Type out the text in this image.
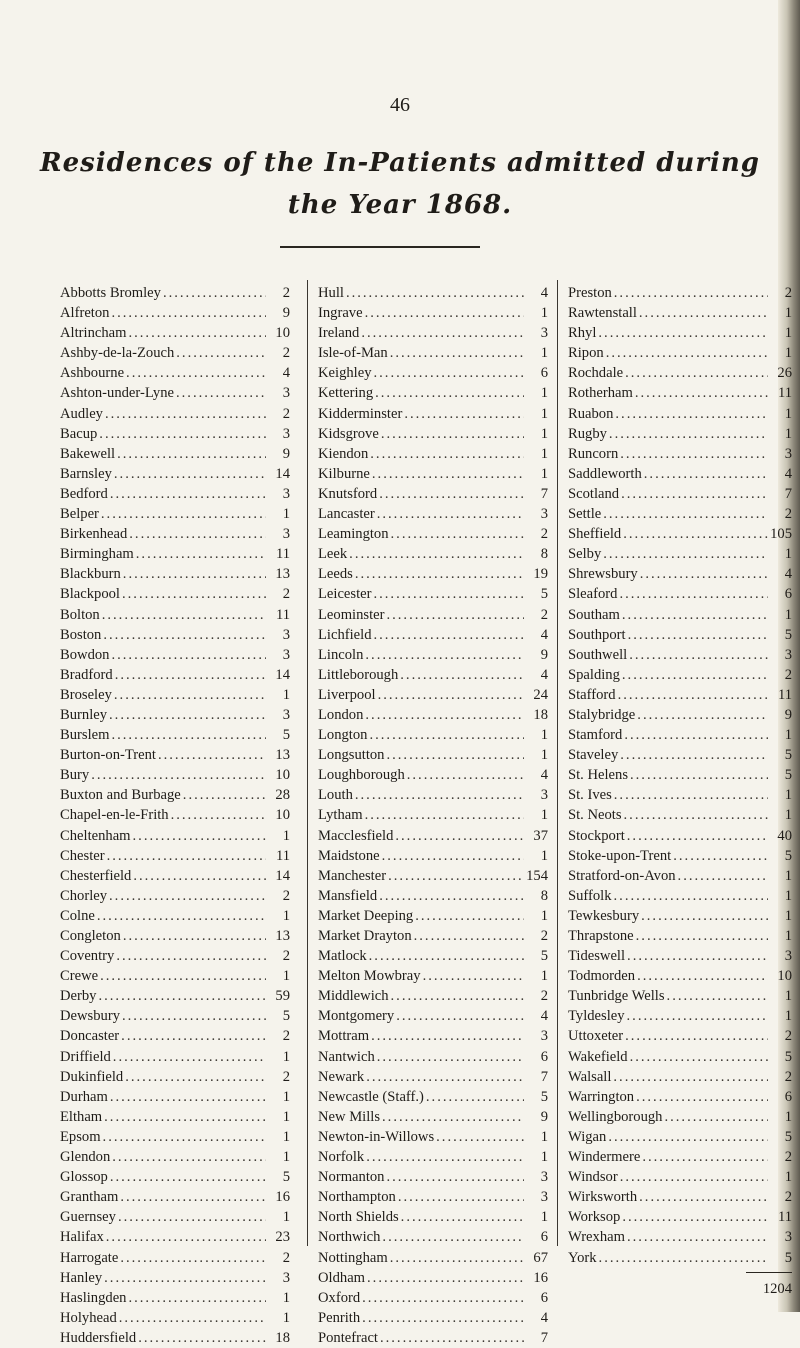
46
Residences of the In-Patients admitted during
the Year 1868.
Abbotts Bromley .....	2
Alfreton .....	9
Altrincham .....	10
Ashby-de-la-Zouch .....	2
Ashbourne .....	4
Ashton-under-Lyne .....	3
Audley .....	2
Bacup .....	3
Bakewell .....	9
Barnsley .....	14
Bedford .....	3
Belper .....	1
Birkenhead .....	3
Birmingham .....	11
Blackburn .....	13
Blackpool .....	2
Bolton .....	11
Boston .....	3
Bowdon .....	3
Bradford .....	14
Broseley .....	1
Burnley .....	3
Burslem .....	5
Burton-on-Trent .....	13
Bury .....	10
Buxton and Burbage .....	28
Chapel-en-le-Frith .....	10
Cheltenham .....	1
Chester .....	11
Chesterfield .....	14
Chorley .....	2
Colne .....	1
Congleton .....	13
Coventry .....	2
Crewe .....	1
Derby .....	59
Dewsbury .....	5
Doncaster .....	2
Driffield .....	1
Dukinfield .....	2
Durham .....	1
Eltham .....	1
Epsom .....	1
Glendon .....	1
Glossop .....	5
Grantham .....	16
Guernsey .....	1
Halifax .....	23
Harrogate .....	2
Hanley .....	3
Haslingden .....	1
Holyhead .....	1
Huddersfield .....	18
Hull .....	4
Ingrave .....	1
Ireland .....	3
Isle-of-Man .....	1
Keighley .....	6
Kettering .....	1
Kidderminster .....	1
Kidsgrove .....	1
Kiendon .....	1
Kilburne .....	1
Knutsford .....	7
Lancaster .....	3
Leamington .....	2
Leek .....	8
Leeds .....	19
Leicester .....	5
Leominster .....	2
Lichfield .....	4
Lincoln .....	9
Littleborough .....	4
Liverpool .....	24
London .....	18
Longton .....	1
Longsutton .....	1
Loughborough .....	4
Louth .....	3
Lytham .....	1
Macclesfield .....	37
Maidstone .....	1
Manchester .....	154
Mansfield .....	8
Market Deeping .....	1
Market Drayton .....	2
Matlock .....	5
Melton Mowbray .....	1
Middlewich .....	2
Montgomery .....	4
Mottram .....	3
Nantwich .....	6
Newark .....	7
Newcastle (Staff.) .....	5
New Mills .....	9
Newton-in-Willows .....	1
Norfolk .....	1
Normanton .....	3
Northampton .....	3
North Shields .....	1
Northwich .....	6
Nottingham .....	67
Oldham .....	16
Oxford .....	6
Penrith .....	4
Pontefract .....	7
Preston .....	2
Rawtenstall .....	1
Rhyl .....	1
Ripon .....	1
Rochdale .....	26
Rotherham .....	11
Ruabon .....	1
Rugby .....	1
Runcorn .....	3
Saddleworth .....	4
Scotland .....	7
Settle .....	2
Sheffield .....	105
Selby .....	1
Shrewsbury .....	4
Sleaford .....	6
Southam .....	1
Southport .....	5
Southwell .....	3
Spalding .....	2
Stafford .....	11
Stalybridge .....	9
Stamford .....	1
Staveley .....	5
St. Helens .....	5
St. Ives .....	1
St. Neots .....	1
Stockport .....	40
Stoke-upon-Trent .....	5
Stratford-on-Avon .....	1
Suffolk .....	1
Tewkesbury .....	1
Thrapstone .....	1
Tideswell .....	3
Todmorden .....	10
Tunbridge Wells .....	1
Tyldesley .....	1
Uttoxeter .....	2
Wakefield .....	5
Walsall .....	2
Warrington .....	6
Wellingborough .....	1
Wigan .....	5
Windermere .....	2
Windsor .....	1
Wirksworth .....	2
Worksop .....	11
Wrexham .....	3
York .....	5
1204
